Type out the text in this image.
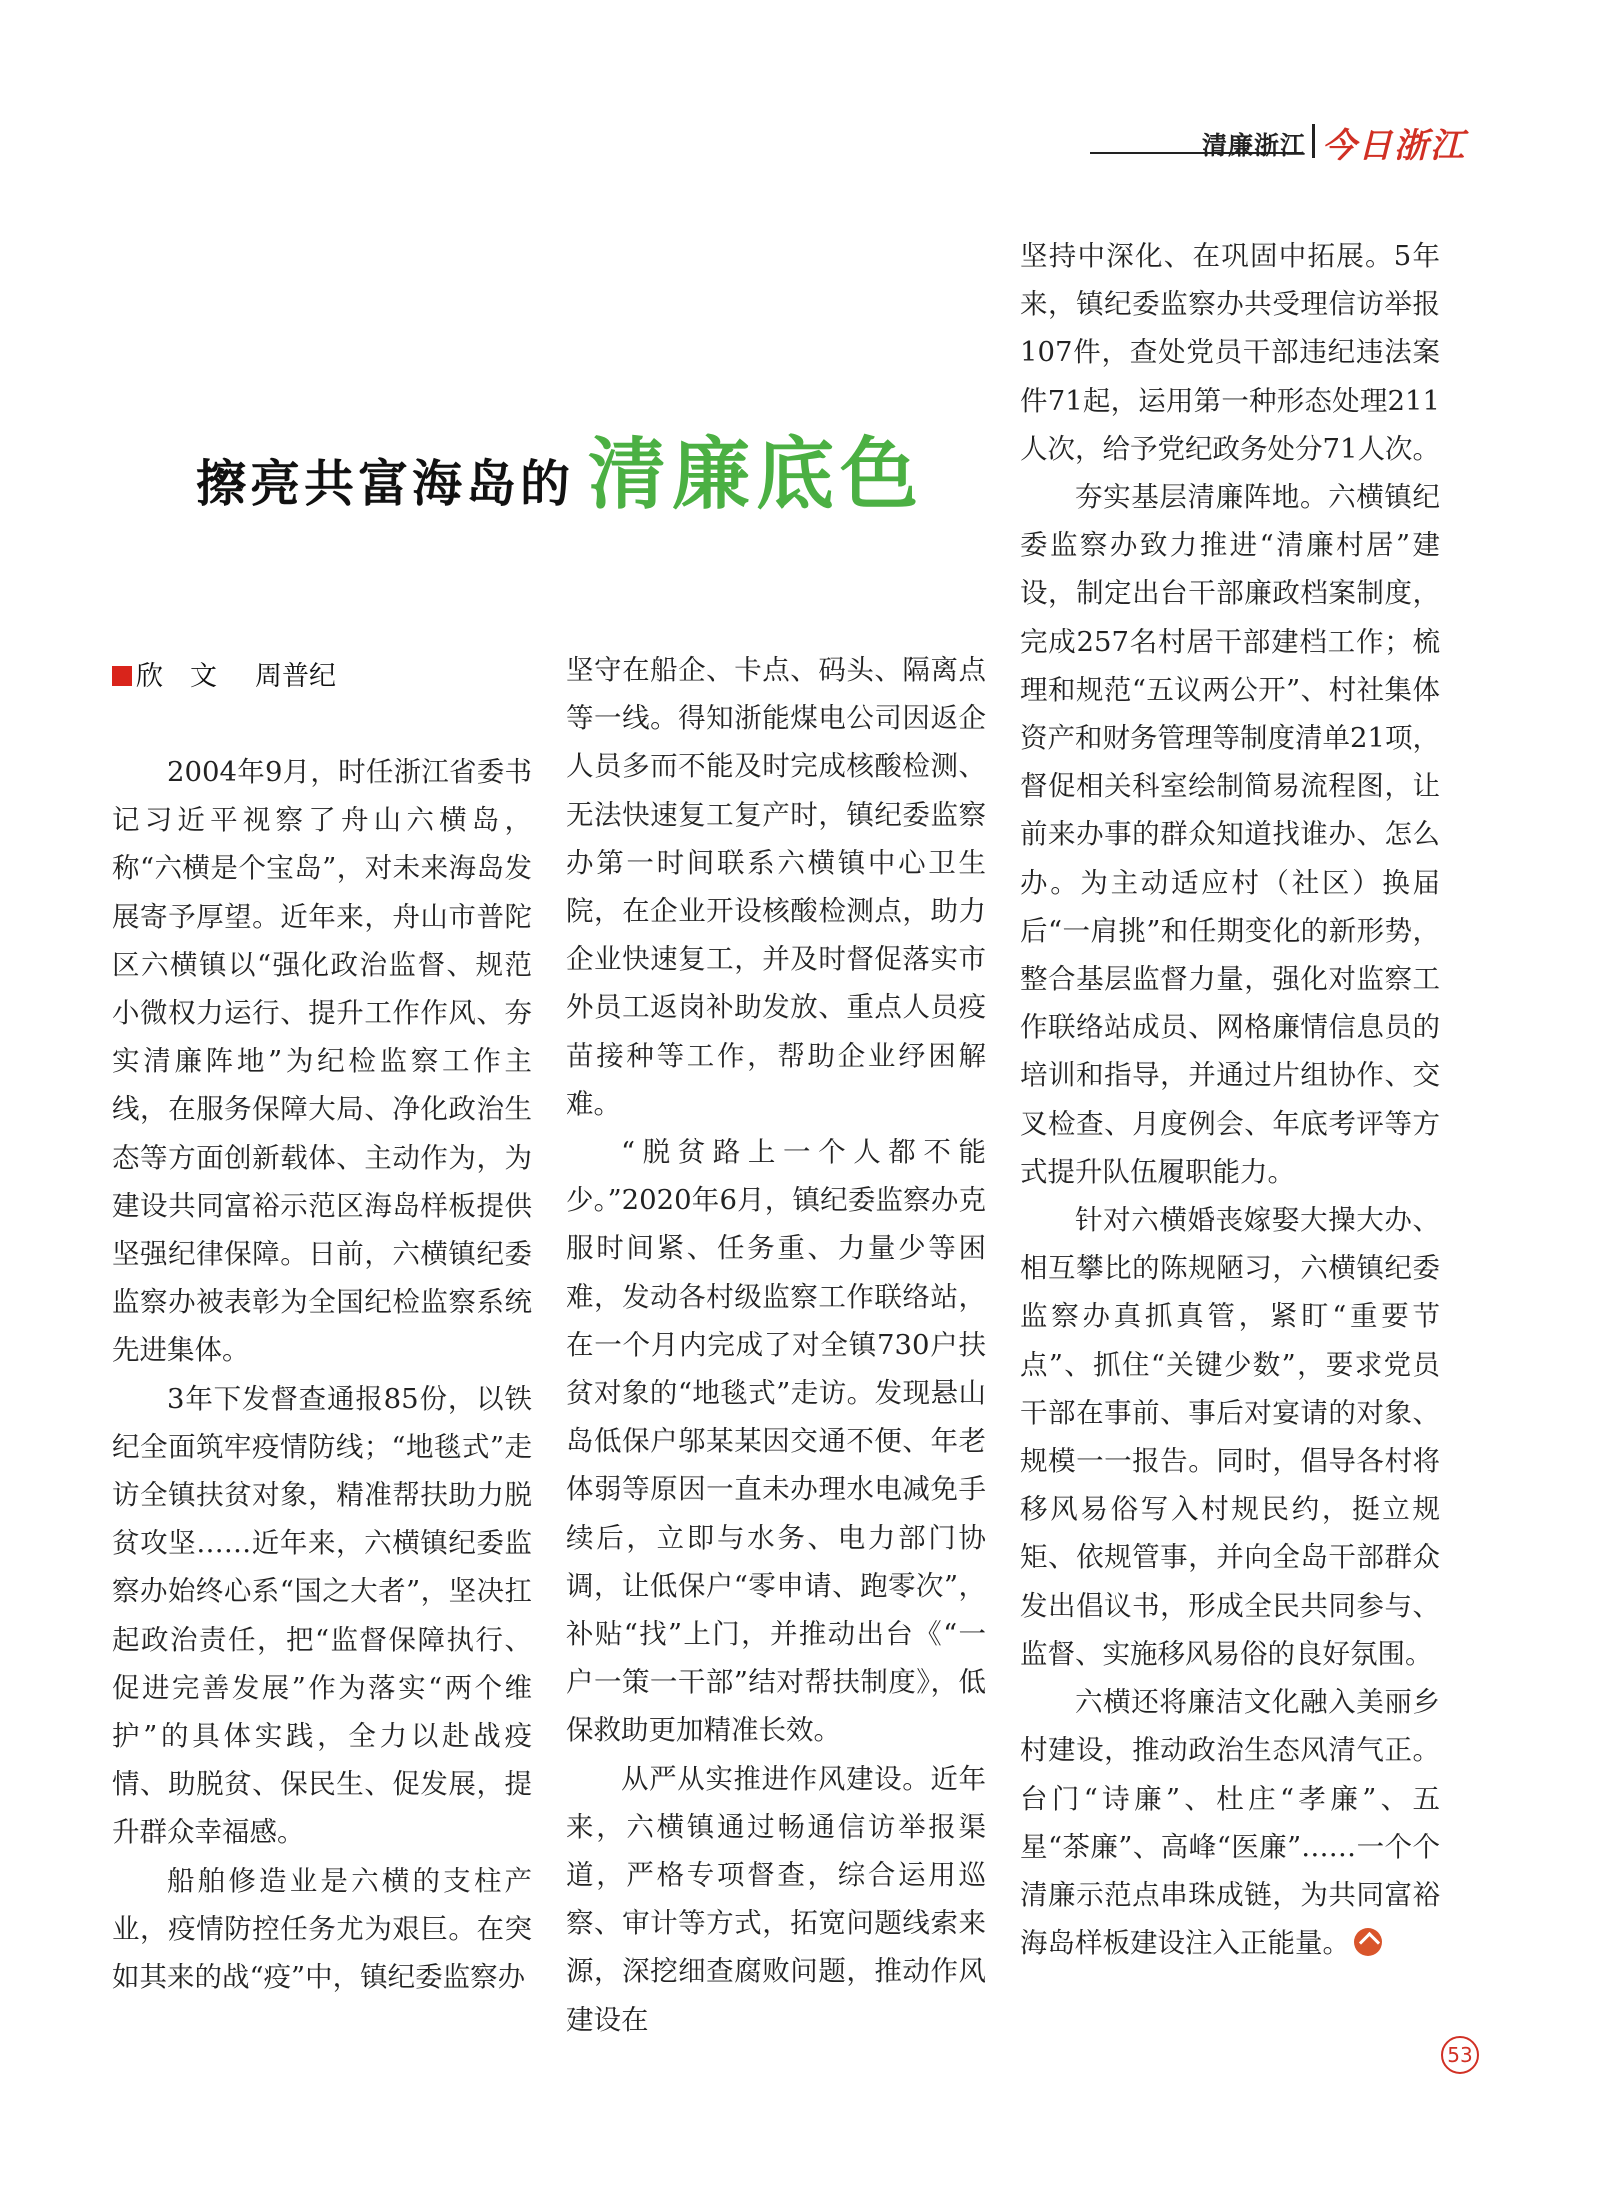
清廉浙江 今日浙江
擦亮共富海岛的 清廉底色
欣　文 周普纪

2004年9月，时任浙江省委书记习近平视察了舟山六横岛，称“六横是个宝岛”，对未来海岛发展寄予厚望。近年来，舟山市普陀区六横镇以“强化政治监督、规范小微权力运行、提升工作作风、夯实清廉阵地”为纪检监察工作主线，在服务保障大局、净化政治生态等方面创新载体、主动作为，为建设共同富裕示范区海岛样板提供坚强纪律保障。日前，六横镇纪委监察办被表彰为全国纪检监察系统先进集体。

3年下发督查通报85份，以铁纪全面筑牢疫情防线；“地毯式”走访全镇扶贫对象，精准帮扶助力脱贫攻坚……近年来，六横镇纪委监察办始终心系“国之大者”，坚决扛起政治责任，把“监督保障执行、促进完善发展”作为落实“两个维护”的具体实践，全力以赴战疫情、助脱贫、保民生、促发展，提升群众幸福感。

船舶修造业是六横的支柱产业，疫情防控任务尤为艰巨。在突如其来的战“疫”中，镇纪委监察办

坚守在船企、卡点、码头、隔离点等一线。得知浙能煤电公司因返企人员多而不能及时完成核酸检测、无法快速复工复产时，镇纪委监察办第一时间联系六横镇中心卫生院，在企业开设核酸检测点，助力企业快速复工，并及时督促落实市外员工返岗补助发放、重点人员疫苗接种等工作，帮助企业纾困解难。

“脱贫路上一个人都不能少。”2020年6月，镇纪委监察办克服时间紧、任务重、力量少等困难，发动各村级监察工作联络站，在一个月内完成了对全镇730户扶贫对象的“地毯式”走访。发现悬山岛低保户邬某某因交通不便、年老体弱等原因一直未办理水电减免手续后，立即与水务、电力部门协调，让低保户“零申请、跑零次”，补贴“找”上门，并推动出台《“一户一策一干部”结对帮扶制度》，低保救助更加精准长效。

从严从实推进作风建设。近年来，六横镇通过畅通信访举报渠道，严格专项督查，综合运用巡察、审计等方式，拓宽问题线索来源，深挖细查腐败问题，推动作风建设在

坚持中深化、在巩固中拓展。5年来，镇纪委监察办共受理信访举报107件，查处党员干部违纪违法案件71起，运用第一种形态处理211人次，给予党纪政务处分71人次。

夯实基层清廉阵地。六横镇纪委监察办致力推进“清廉村居”建设，制定出台干部廉政档案制度，完成257名村居干部建档工作；梳理和规范“五议两公开”、村社集体资产和财务管理等制度清单21项，督促相关科室绘制简易流程图，让前来办事的群众知道找谁办、怎么办。为主动适应村（社区）换届后“一肩挑”和任期变化的新形势，整合基层监督力量，强化对监察工作联络站成员、网格廉情信息员的培训和指导，并通过片组协作、交叉检查、月度例会、年底考评等方式提升队伍履职能力。

针对六横婚丧嫁娶大操大办、相互攀比的陈规陋习，六横镇纪委监察办真抓真管，紧盯“重要节点”、抓住“关键少数”，要求党员干部在事前、事后对宴请的对象、规模一一报告。同时，倡导各村将移风易俗写入村规民约，挺立规矩、依规管事，并向全岛干部群众发出倡议书，形成全民共同参与、监督、实施移风易俗的良好氛围。

六横还将廉洁文化融入美丽乡村建设，推动政治生态风清气正。台门“诗廉”、杜庄“孝廉”、五星“茶廉”、高峰“医廉”……一个个清廉示范点串珠成链，为共同富裕海岛样板建设注入正能量。

53
